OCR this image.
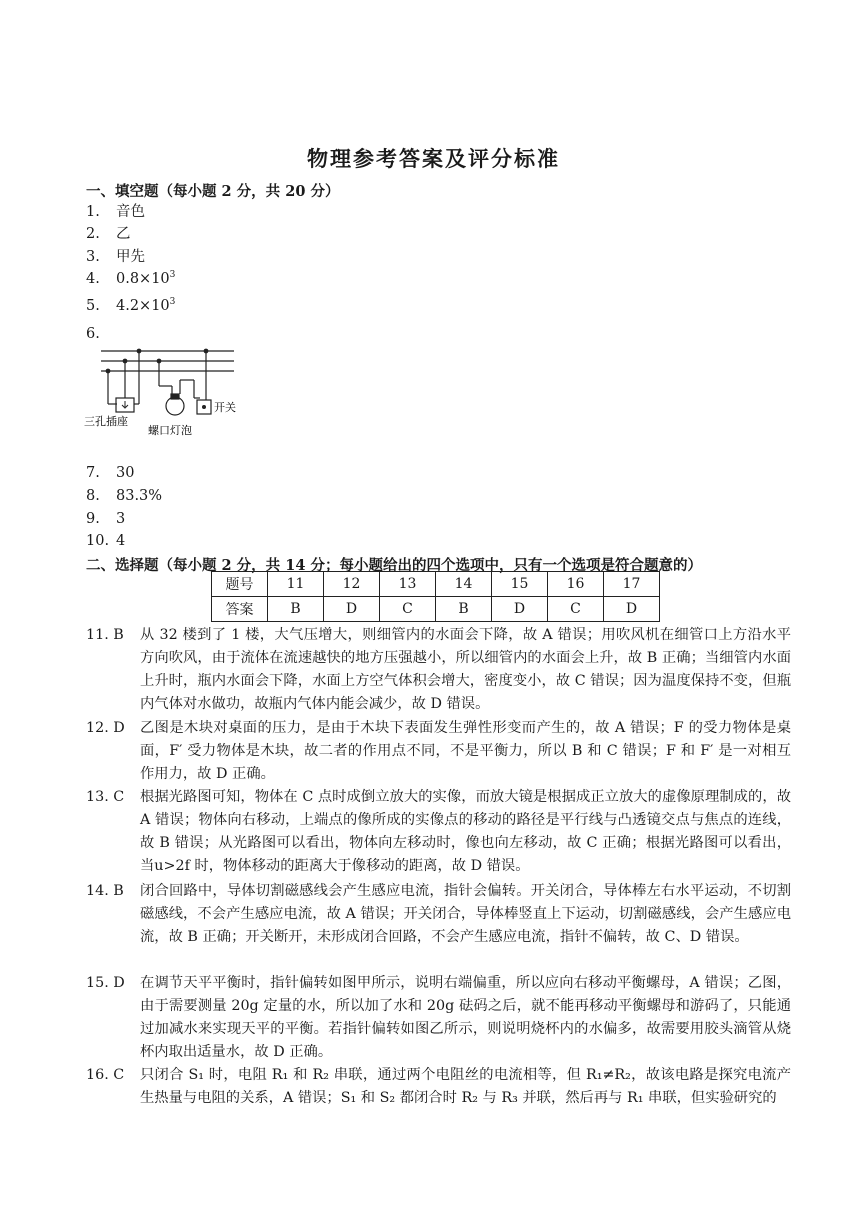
物理参考答案及评分标准
一、填空题（每小题 2 分，共 20 分）
1. 音色
2. 乙
3. 甲先
4. $0.8\times 10^3$
5. $4.2\times 10^3$
6.
三孔插座
螺口灯泡
开关
7. 30
8. 83.3%
9. 3
10. 4
二、选择题（每小题 2 分，共 14 分；每小题给出的四个选项中，只有一个选项是符合题意的）
题号	11	12	13	14	15	16	17
答案	B	D	C	B	D	C	D
11. B 从 32 楼到了 1 楼，大气压增大，则细管内的水面会下降，故 A 错误；用吹风机在细管口上方沿水平方向吹风，由于流体在流速越快的地方压强越小，所以细管内的水面会上升，故 B 正确；当细管内水面上升时，瓶内水面会下降，水面上方空气体积会增大，密度变小，故 C 错误；因为温度保持不变，但瓶内气体对水做功，故瓶内气体内能会减少，故 D 错误。
12. D 乙图是木块对桌面的压力，是由于木块下表面发生弹性形变而产生的，故 A 错误；F 的受力物体是桌面，F′ 受力物体是木块，故二者的作用点不同，不是平衡力，所以 B 和 C 错误；F 和 F′ 是一对相互作用力，故 D 正确。
13. C 根据光路图可知，物体在 C 点时成倒立放大的实像，而放大镜是根据成正立放大的虚像原理制成的，故 A 错误；物体向右移动，上端点的像所成的实像点的移动的路径是平行线与凸透镜交点与焦点的连线，故 B 错误；从光路图可以看出，物体向左移动时，像也向左移动，故 C 正确；根据光路图可以看出，当u>2f 时，物体移动的距离大于像移动的距离，故 D 错误。
14. B 闭合回路中，导体切割磁感线会产生感应电流，指针会偏转。开关闭合，导体棒左右水平运动，不切割磁感线，不会产生感应电流，故 A 错误；开关闭合，导体棒竖直上下运动，切割磁感线，会产生感应电流，故 B 正确；开关断开，未形成闭合回路，不会产生感应电流，指针不偏转，故 C、D 错误。
15. D 在调节天平平衡时，指针偏转如图甲所示，说明右端偏重，所以应向右移动平衡螺母，A 错误；乙图，由于需要测量 20g 定量的水，所以加了水和 20g 砝码之后，就不能再移动平衡螺母和游码了，只能通过加减水来实现天平的平衡。若指针偏转如图乙所示，则说明烧杯内的水偏多，故需要用胶头滴管从烧杯内取出适量水，故 D 正确。
16. C 只闭合 S₁ 时，电阻 R₁ 和 R₂ 串联，通过两个电阻丝的电流相等，但 R₁≠R₂，故该电路是探究电流产生热量与电阻的关系，A 错误；S₁ 和 S₂ 都闭合时 R₂ 与 R₃ 并联，然后再与 R₁ 串联，但实验研究的
